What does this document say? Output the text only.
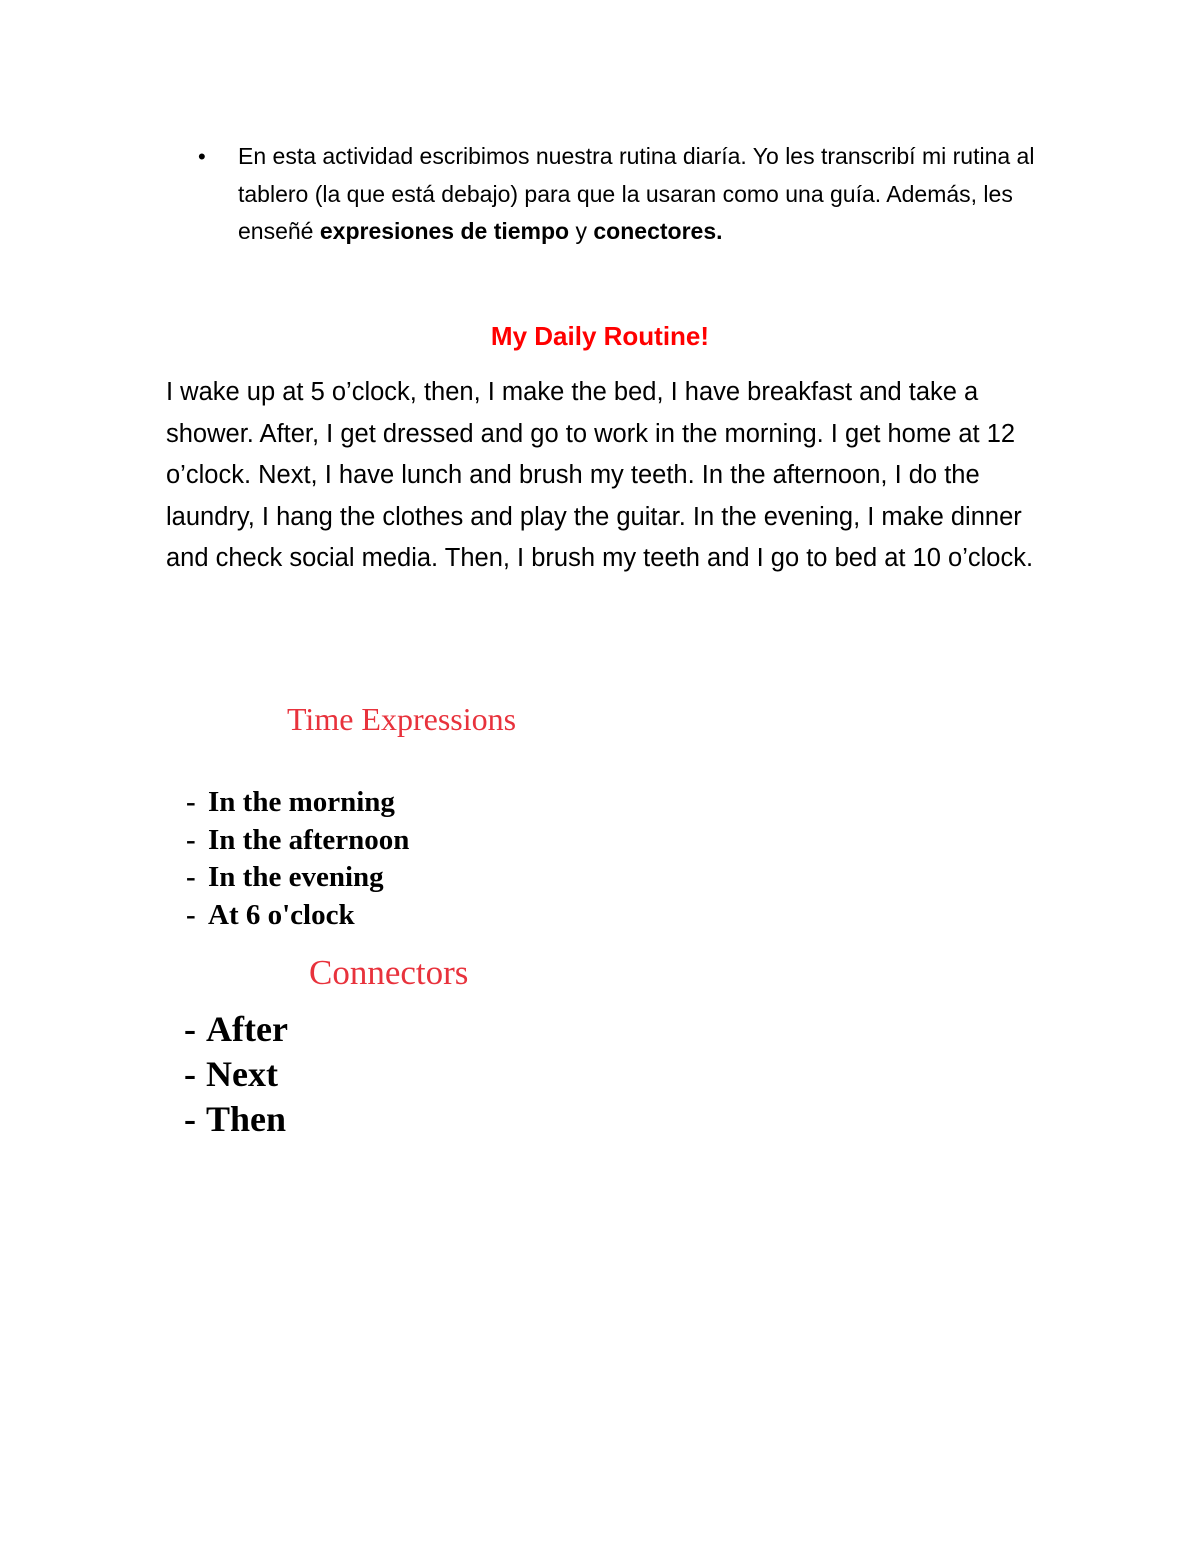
• En esta actividad escribimos nuestra rutina diaría. Yo les transcribí mi rutina al tablero (la que está debajo) para que la usaran como una guía. Además, les enseñé expresiones de tiempo y conectores.
My Daily Routine!
I wake up at 5 o’clock, then, I make the bed, I have breakfast and take a shower. After, I get dressed and go to work in the morning. I get home at 12 o’clock. Next, I have lunch and brush my teeth. In the afternoon, I do the laundry, I hang the clothes and play the guitar. In the evening, I make dinner and check social media. Then, I brush my teeth and I go to bed at 10 o’clock.
Time Expressions
- In the morning
- In the afternoon
- In the evening
- At 6 o'clock
Connectors
- After
- Next
- Then
